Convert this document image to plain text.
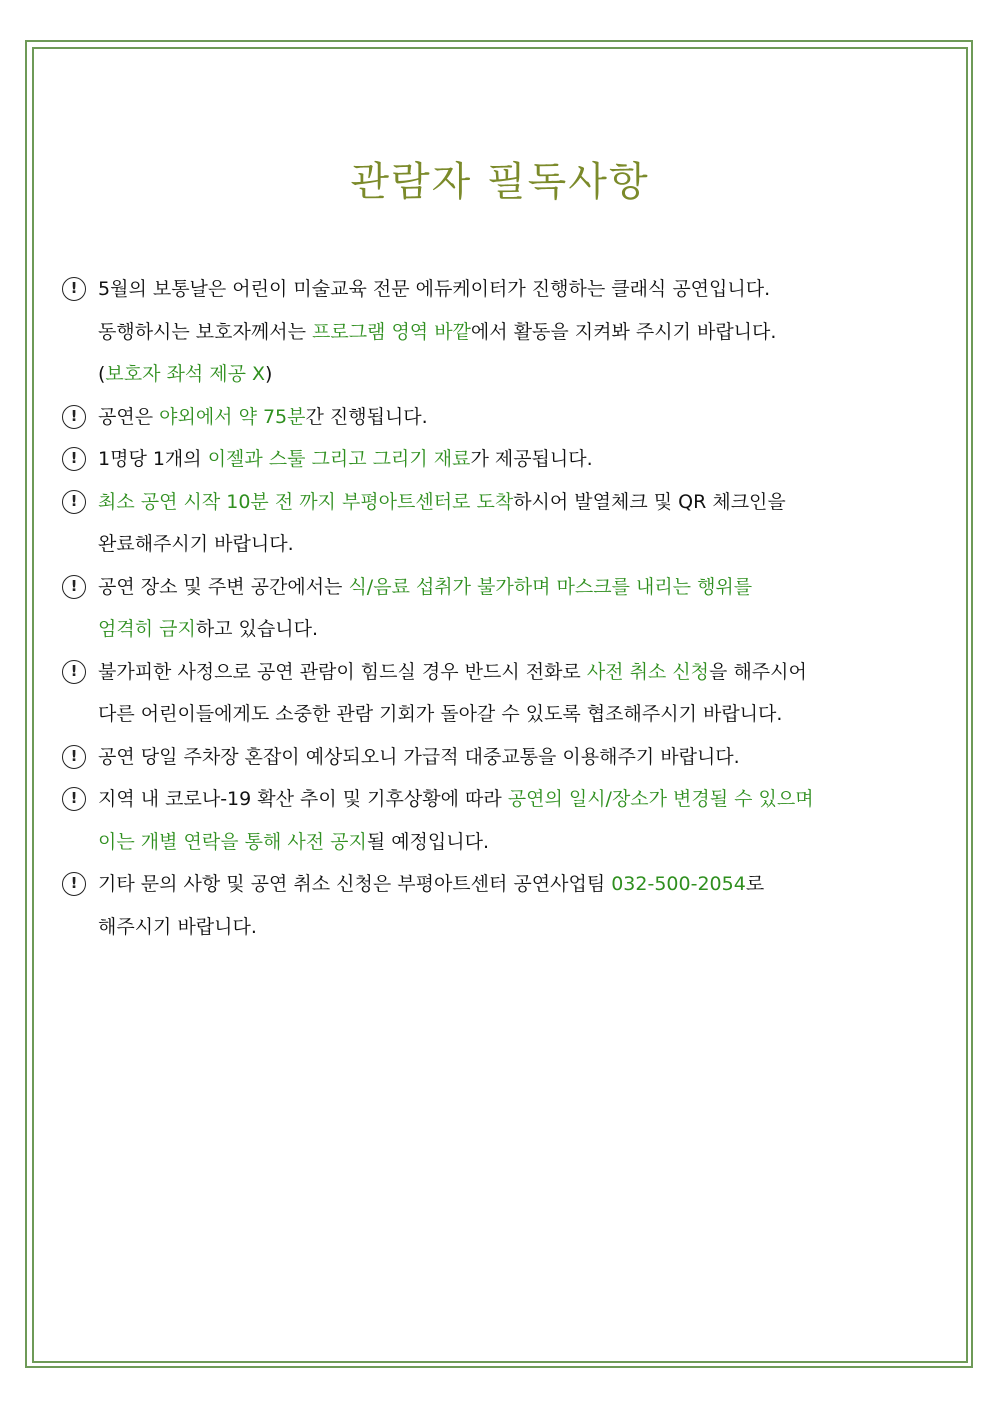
관람자 필독사항
!	5월의 보통날은 어린이 미술교육 전문 에듀케이터가 진행하는 클래식 공연입니다.
동행하시는 보호자께서는 프로그램 영역 바깥에서 활동을 지켜봐 주시기 바랍니다.
(보호자 좌석 제공 X)
!	공연은 야외에서 약 75분간 진행됩니다.
!	1명당 1개의 이젤과 스툴 그리고 그리기 재료가 제공됩니다.
!	최소 공연 시작 10분 전 까지 부평아트센터로 도착하시어 발열체크 및 QR 체크인을
완료해주시기 바랍니다.
!	공연 장소 및 주변 공간에서는 식/음료 섭취가 불가하며 마스크를 내리는 행위를
엄격히 금지하고 있습니다.
!	불가피한 사정으로 공연 관람이 힘드실 경우 반드시 전화로 사전 취소 신청을 해주시어
다른 어린이들에게도 소중한 관람 기회가 돌아갈 수 있도록 협조해주시기 바랍니다.
!	공연 당일 주차장 혼잡이 예상되오니 가급적 대중교통을 이용해주기 바랍니다.
!	지역 내 코로나-19 확산 추이 및 기후상황에 따라 공연의 일시/장소가 변경될 수 있으며
이는 개별 연락을 통해 사전 공지될 예정입니다.
!	기타 문의 사항 및 공연 취소 신청은 부평아트센터 공연사업팀 032-500-2054로
해주시기 바랍니다.
